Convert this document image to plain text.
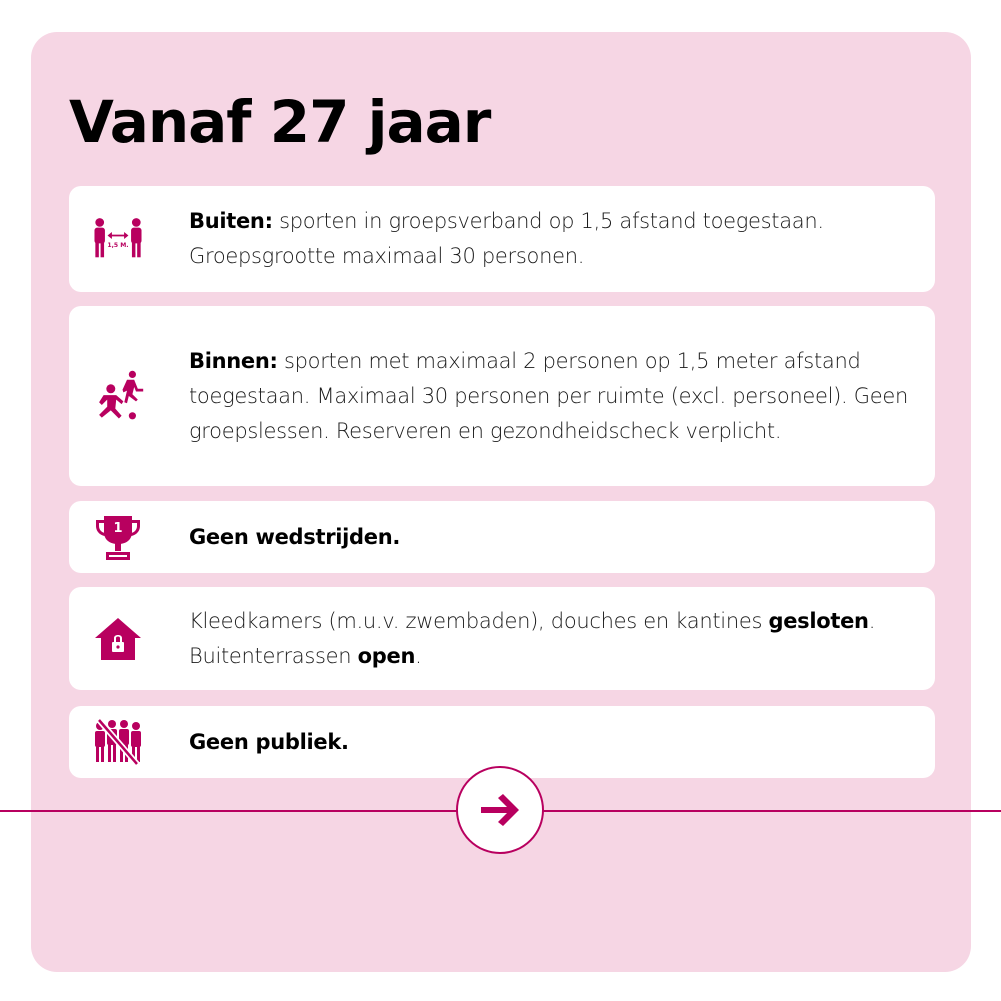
Vanaf 27 jaar
1,5 M.
Buiten: sporten in groepsverband op 1,5 afstand toegestaan. Groepsgrootte maximaal 30 personen.
Binnen: sporten met maximaal 2 personen op 1,5 meter afstand toegestaan. Maximaal 30 personen per ruimte (excl. personeel). Geen groepslessen. Reserveren en gezondheidscheck verplicht.
1	Geen wedstrijden.
Kleedkamers (m.u.v. zwembaden), douches en kantines gesloten. Buitenterrassen open.
Geen publiek.
